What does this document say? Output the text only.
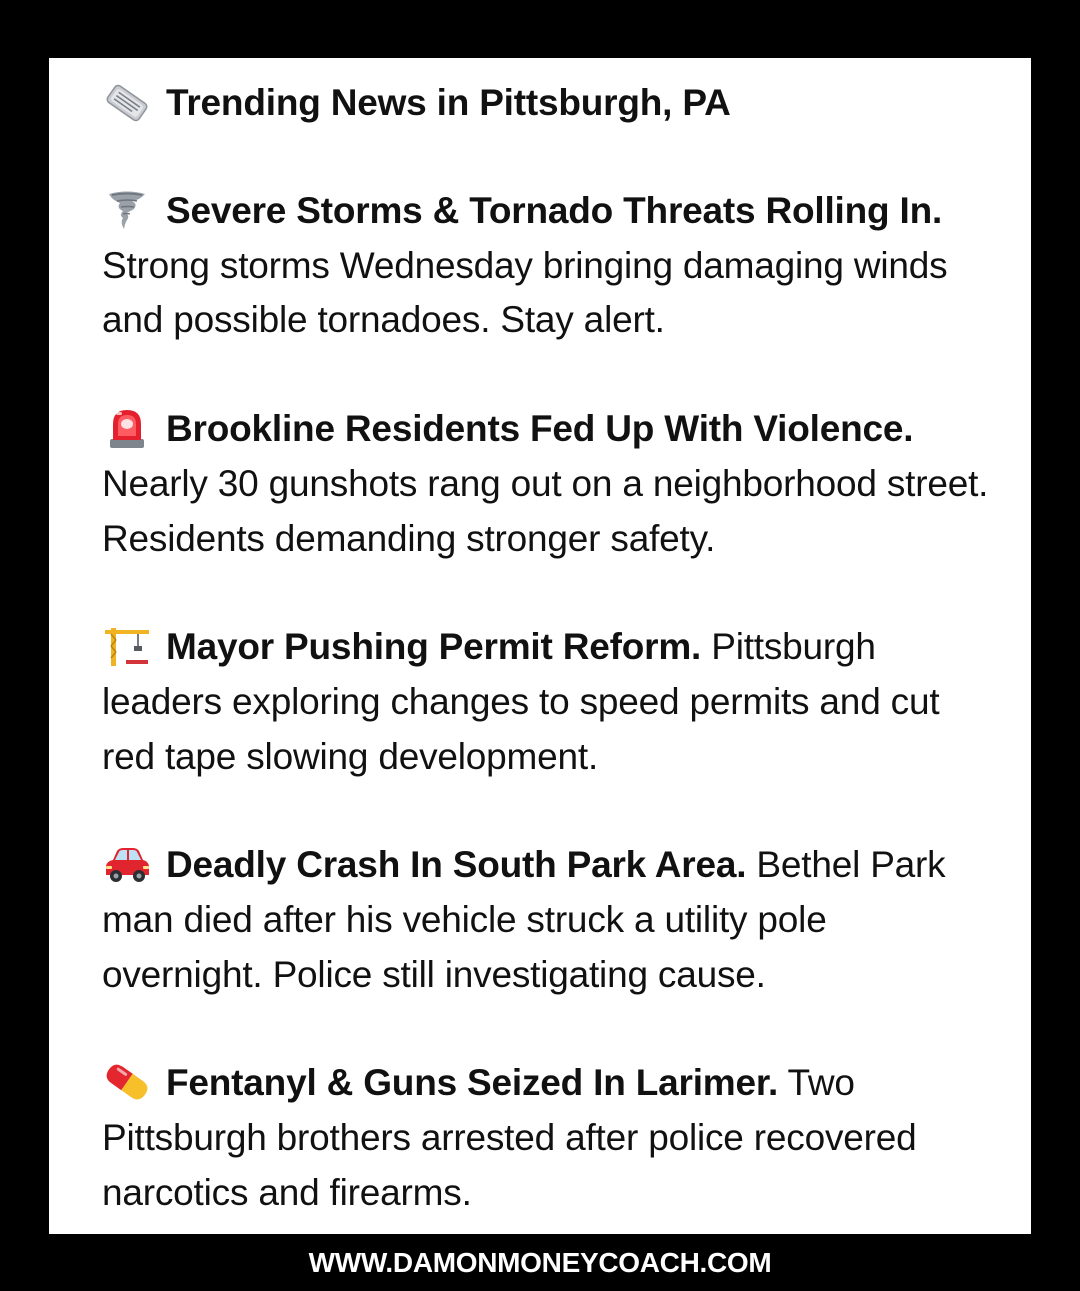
Trending News in Pittsburgh, PA
Severe Storms & Tornado Threats Rolling In. Strong storms Wednesday bringing damaging winds and possible tornadoes. Stay alert.
Brookline Residents Fed Up With Violence. Nearly 30 gunshots rang out on a neighborhood street. Residents demanding stronger safety.
Mayor Pushing Permit Reform. Pittsburgh leaders exploring changes to speed permits and cut red tape slowing development.
Deadly Crash In South Park Area. Bethel Park man died after his vehicle struck a utility pole overnight. Police still investigating cause.
Fentanyl & Guns Seized In Larimer. Two Pittsburgh brothers arrested after police recovered narcotics and firearms.
WWW.DAMONMONEYCOACH.COM
